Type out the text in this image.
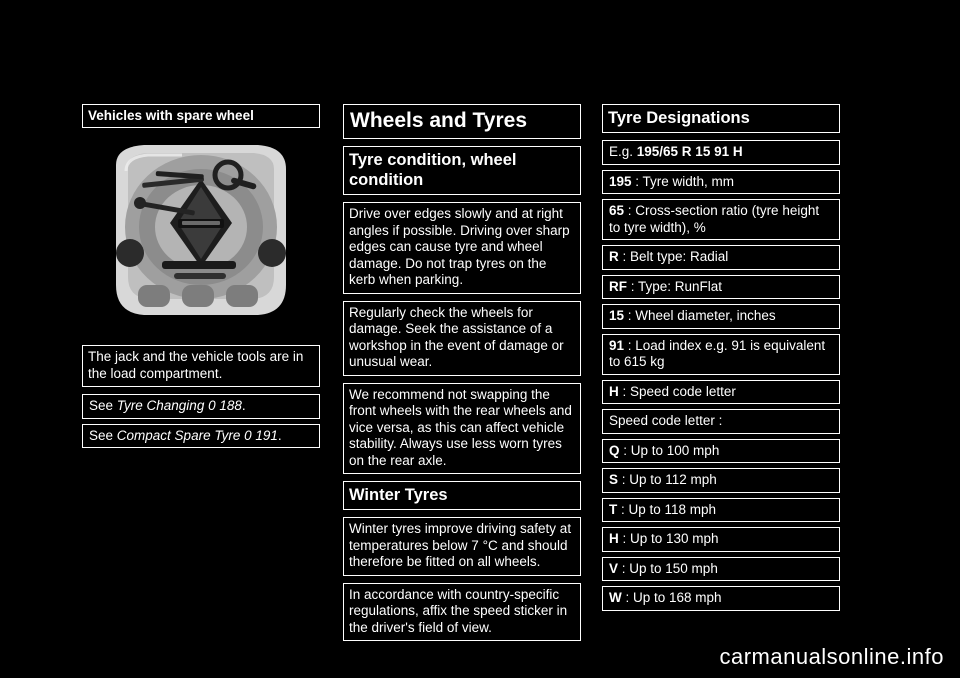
Vehicles with spare wheel
The jack and the vehicle tools are in the load compartment.
See Tyre Changing 0 188.
See Compact Spare Tyre 0 191.
Wheels and Tyres
Tyre condition, wheel condition
Drive over edges slowly and at right angles if possible. Driving over sharp edges can cause tyre and wheel damage. Do not trap tyres on the kerb when parking.
Regularly check the wheels for damage. Seek the assistance of a workshop in the event of damage or unusual wear.
We recommend not swapping the front wheels with the rear wheels and vice versa, as this can affect vehicle stability. Always use less worn tyres on the rear axle.
Winter Tyres
Winter tyres improve driving safety at temperatures below 7 °C and should therefore be fitted on all wheels.
In accordance with country-specific regulations, affix the speed sticker in the driver's field of view.
Tyre Designations
E.g. 195/65 R 15 91 H
195 : Tyre width, mm
65 : Cross-section ratio (tyre height to tyre width), %
R : Belt type: Radial
RF : Type: RunFlat
15 : Wheel diameter, inches
91 : Load index e.g. 91 is equivalent to 615 kg
H : Speed code letter
Speed code letter :
Q : Up to 100 mph
S : Up to 112 mph
T : Up to 118 mph
H : Up to 130 mph
V : Up to 150 mph
W : Up to 168 mph
carmanualsonline.info
